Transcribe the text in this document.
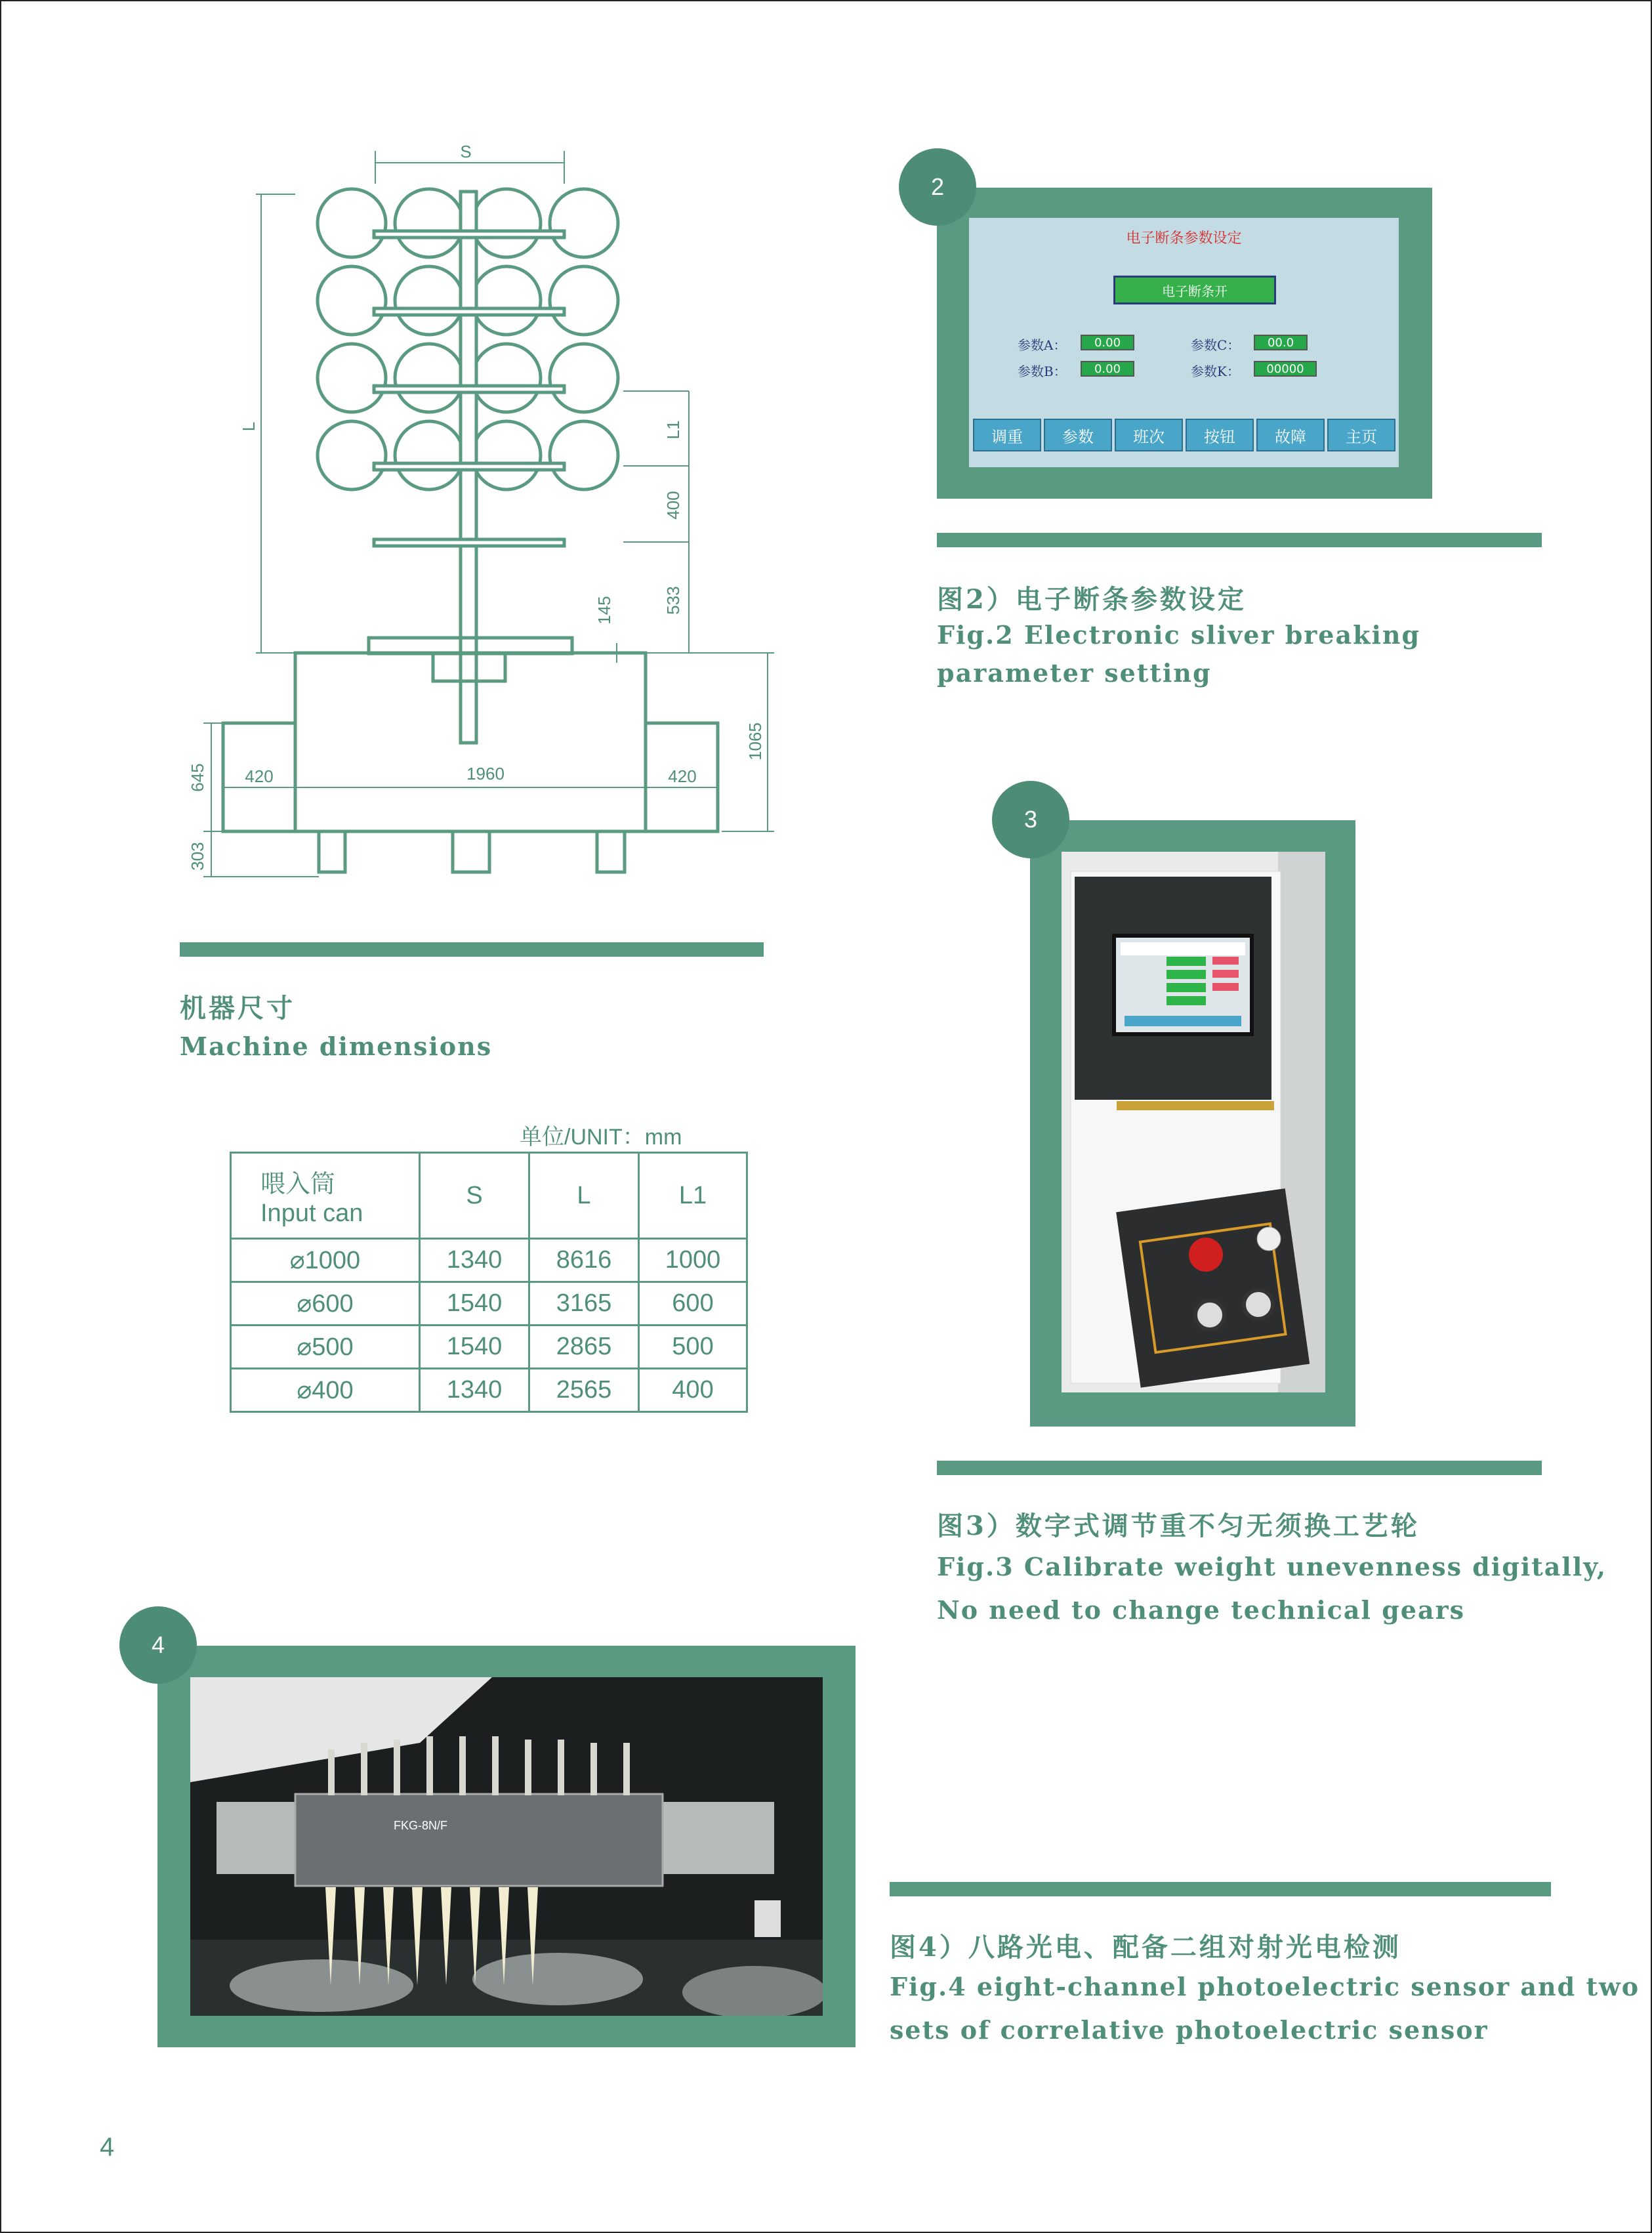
S
L	L1
400
533
145
1065
645
303
420	1960	420
机器尺寸
Machine dimensions
单位/UNIT：mm
喂入筒
Input can	S	L	L1
⌀1000	1340	8616	1000
⌀600	1540	3165	600
⌀500	1540	2865	500
⌀400	1340	2565	400
电子断条参数设定
电子断条开
参数A：	0.00
参数B：	0.00
参数C：	00.0
参数K：	00000
调重	参数	班次	按钮	故障	主页
2
图2）电子断条参数设定
Fig.2 Electronic sliver breaking
parameter setting
3
图3）数字式调节重不匀无须换工艺轮
Fig.3 Calibrate weight unevenness digitally,
No need to change technical gears
FKG-8N/F
4
图4）八路光电、配备二组对射光电检测
Fig.4 eight-channel photoelectric sensor and two
sets of correlative photoelectric sensor
4
